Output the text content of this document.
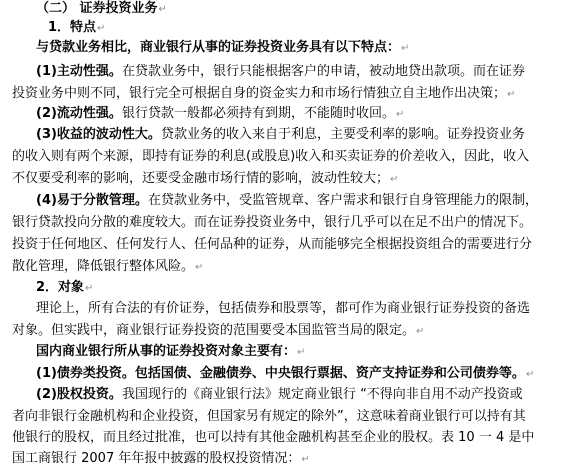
（二） 证券投资业务↵
1．特点↵
与贷款业务相比，商业银行从事的证券投资业务具有以下特点：↵
(1)主动性强。在贷款业务中，银行只能根据客户的申请，被动地贷出款项。而在证券
投资业务中则不同，银行完全可根据自身的资金实力和市场行情独立自主地作出决策；↵
(2)流动性强。银行贷款一般都必须持有到期，不能随时收回。↵
(3)收益的波动性大。贷款业务的收入来自于利息，主要受利率的影响。证券投资业务
的收入则有两个来源，即持有证券的利息(或股息)收入和买卖证券的价差收入，因此，收入
不仅要受利率的影响，还要受金融市场行情的影响，波动性较大；↵
(4)易于分散管理。在贷款业务中，受监管规章、客户需求和银行自身管理能力的限制，
银行贷款投向分散的难度较大。而在证券投资业务中，银行几乎可以在足不出户的情况下。
投资于任何地区、任何发行人、任何品种的证券，从而能够完全根据投资组合的需要进行分
散化管理，降低银行整体风险。↵
2．对象↵
理论上，所有合法的有价证券，包括债券和股票等，都可作为商业银行证券投资的备选
对象。但实践中，商业银行证券投资的范围要受本国监管当局的限定。↵
国内商业银行所从事的证券投资对象主要有：↵
(1)债券类投资。包括国债、金融债券、中央银行票据、资产支持证券和公司债券等。↵
(2)股权投资。我国现行的《商业银行法》规定商业银行 “不得向非自用不动产投资或
者向非银行金融机构和企业投资，但国家另有规定的除外”，这意味着商业银行可以持有其
他银行的股权，而且经过批准，也可以持有其他金融机构甚至企业的股权。表 10 一 4 是中
国工商银行 2007 年年报中披露的股权投资情况：↵
